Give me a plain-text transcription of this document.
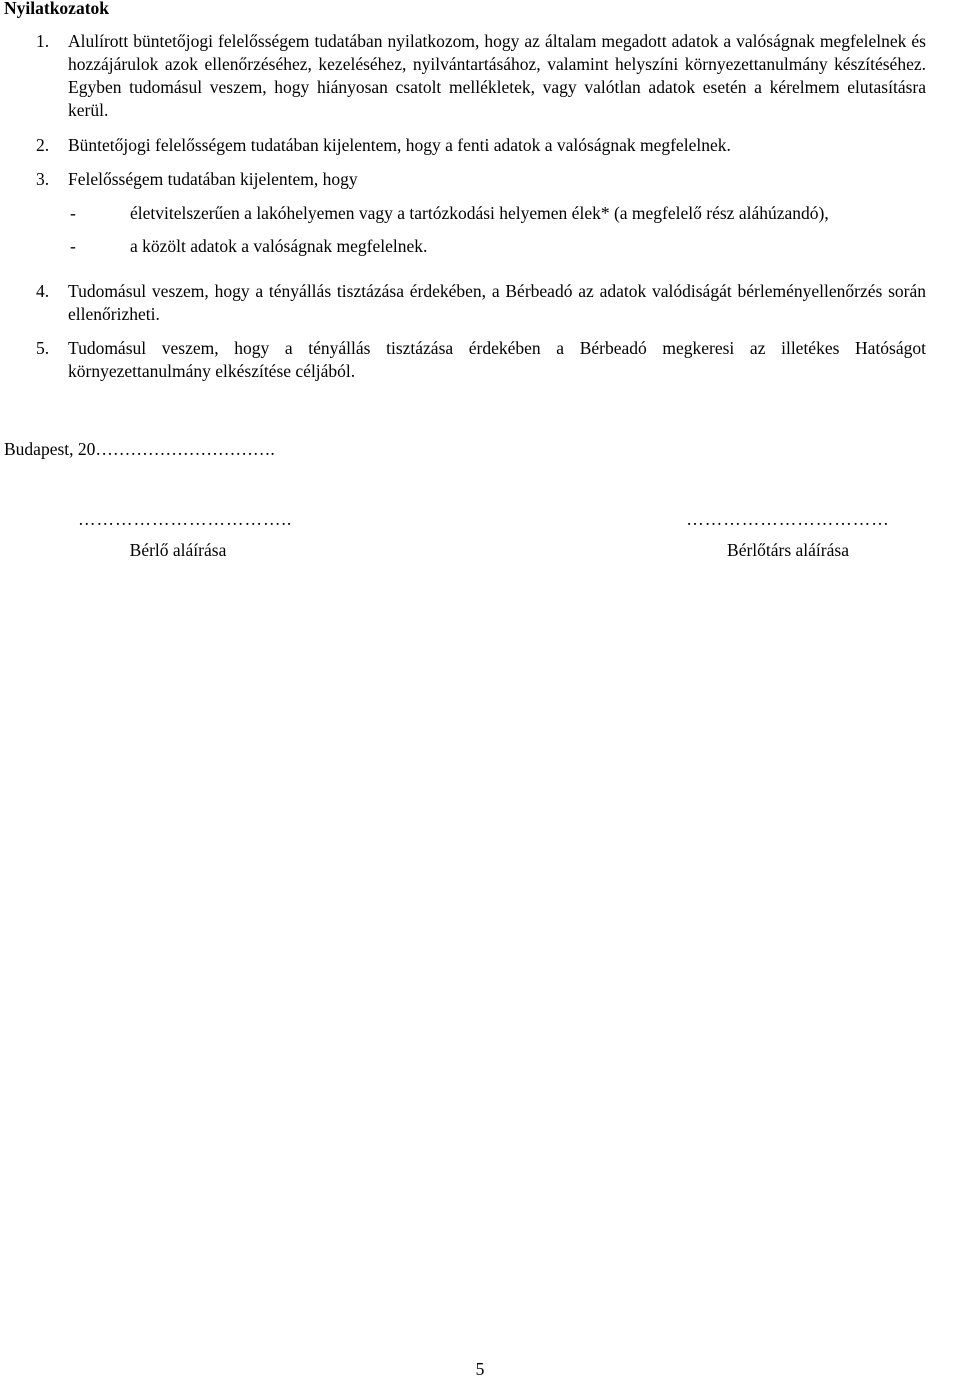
Nyilatkozatok
1.	Alulírott büntetőjogi felelősségem tudatában nyilatkozom, hogy az általam megadott adatok a valóságnak megfelelnek és hozzájárulok azok ellenőrzéséhez, kezeléséhez, nyilvántartásához, valamint helyszíni környezettanulmány készítéséhez. Egyben tudomásul veszem, hogy hiányosan csatolt mellékletek, vagy valótlan adatok esetén a kérelmem elutasításra kerül.
2.	Büntetőjogi felelősségem tudatában kijelentem, hogy a fenti adatok a valóságnak megfelelnek.
3.	Felelősségem tudatában kijelentem, hogy
-	életvitelszerűen a lakóhelyemen vagy a tartózkodási helyemen élek* (a megfelelő rész aláhúzandó),
-	a közölt adatok a valóságnak megfelelnek.
4.	Tudomásul veszem, hogy a tényállás tisztázása érdekében, a Bérbeadó az adatok valódiságát bérleményellenőrzés során ellenőrizheti.
5.	Tudomásul veszem, hogy a tényállás tisztázása érdekében a Bérbeadó megkeresi az illetékes Hatóságot környezettanulmány elkészítése céljából.
Budapest, 20………………………….
……………………………..
Bérlő aláírása
……………………………
Bérlőtárs aláírása
5
